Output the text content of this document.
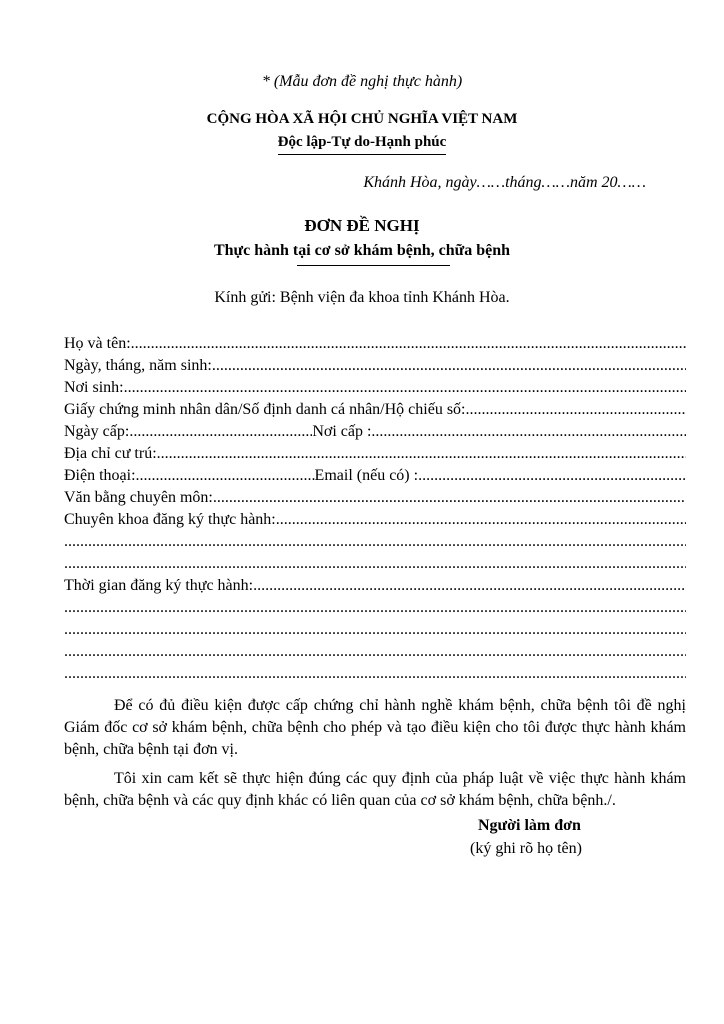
* (Mẫu đơn đề nghị thực hành)
CỘNG HÒA XÃ HỘI CHỦ NGHĨA VIỆT NAM
Độc lập-Tự do-Hạnh phúc
Khánh Hòa, ngày……tháng……năm 20……
ĐƠN ĐỀ NGHỊ
Thực hành tại cơ sở khám bệnh, chữa bệnh
Kính gửi: Bệnh viện đa khoa tỉnh Khánh Hòa.
Họ và tên:
.....
Ngày, tháng, năm sinh:
.....
Nơi sinh:
.....
Giấy chứng minh nhân dân/Số định danh cá nhân/Hộ chiếu số:
.....
Ngày cấp: .....	Nơi cấp :
.....
Địa chỉ cư trú:
.....
Điện thoại: .....	Email (nếu có) :
.....
Văn bằng chuyên môn:
.....
Chuyên khoa đăng ký thực hành:
.....
.....
.....
Thời gian đăng ký thực hành:
.....
.....
.....
.....
.....
Để có đủ điều kiện được cấp chứng chỉ hành nghề khám bệnh, chữa bệnh tôi đề nghị Giám đốc cơ sở khám bệnh, chữa bệnh cho phép và tạo điều kiện cho tôi được thực hành khám bệnh, chữa bệnh tại đơn vị.
Tôi xin cam kết sẽ thực hiện đúng các quy định của pháp luật về việc thực hành khám bệnh, chữa bệnh và các quy định khác có liên quan của cơ sở khám bệnh, chữa bệnh./.
Người làm đơn
(ký ghi rõ họ tên)
